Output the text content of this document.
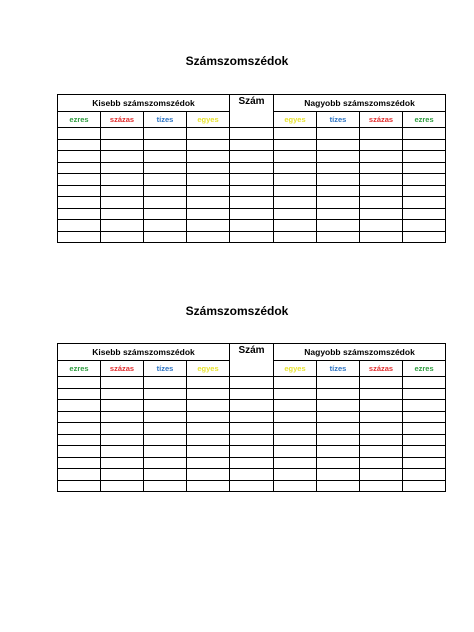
Számszomszédok
Kisebb számszomszédok				Szám	Nagyobb számszomszédok			
ezres	százas	tízes	egyes		egyes	tízes	százas	ezres

Számszomszédok
Kisebb számszomszédok				Szám	Nagyobb számszomszédok			
ezres	százas	tízes	egyes		egyes	tízes	százas	ezres
